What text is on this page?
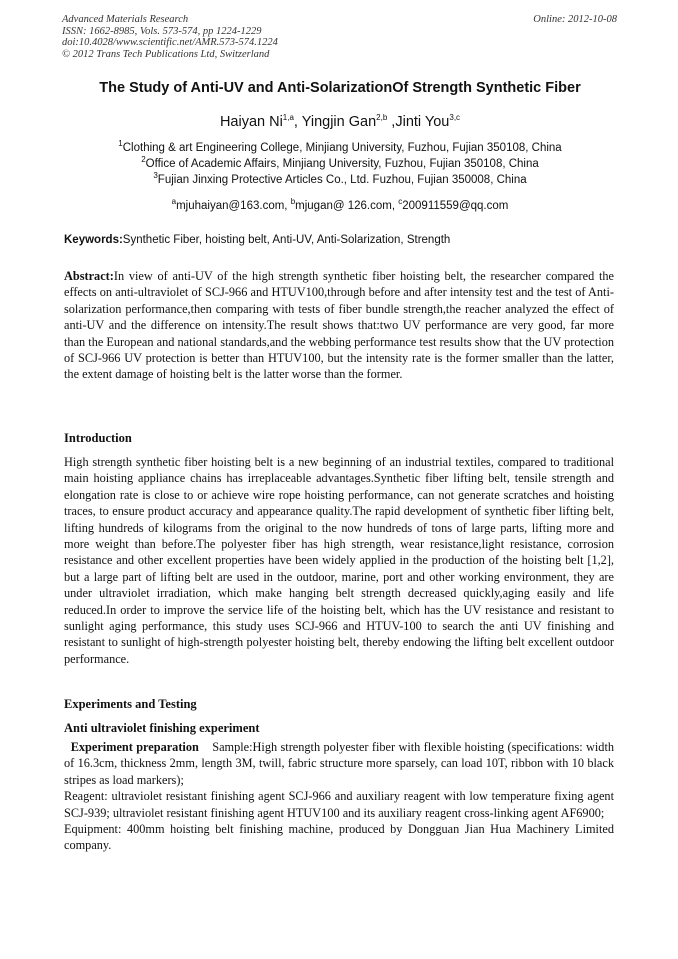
Advanced Materials Research
ISSN: 1662-8985, Vols. 573-574, pp 1224-1229
doi:10.4028/www.scientific.net/AMR.573-574.1224
© 2012 Trans Tech Publications Ltd, Switzerland
Online: 2012-10-08
The Study of Anti-UV and Anti-SolarizationOf Strength Synthetic Fiber
Haiyan Ni$^{1,a}$, Yingjin Gan$^{2,b}$ ,Jinti You$^{3,c}$
$^1$Clothing & art Engineering College, Minjiang University, Fuzhou, Fujian 350108, China
$^2$Office of Academic Affairs, Minjiang University, Fuzhou, Fujian 350108, China
$^3$Fujian Jinxing Protective Articles Co., Ltd. Fuzhou, Fujian 350008, China
$^a$mjuhaiyan@163.com, $^b$mjugan@ 126.com, $^c$200911559@qq.com
Keywords:Synthetic Fiber, hoisting belt, Anti-UV, Anti-Solarization, Strength
Abstract:In view of anti-UV of the high strength synthetic fiber hoisting belt, the researcher compared the effects on anti-ultraviolet of SCJ-966 and HTUV100,through before and after intensity test and the test of Anti-solarization performance,then comparing with tests of fiber bundle strength,the reacher analyzed the effect of anti-UV and the difference on intensity.The result shows that:two UV performance are very good, far more than the European and national standards,and the webbing performance test results show that the UV protection of SCJ-966 UV protection is better than HTUV100, but the intensity rate is the former smaller than the latter, the extent damage of hoisting belt is the latter worse than the former.
Introduction
High strength synthetic fiber hoisting belt is a new beginning of an industrial textiles, compared to traditional main hoisting appliance chains has irreplaceable advantages.Synthetic fiber lifting belt, tensile strength and elongation rate is close to or achieve wire rope hoisting performance, can not generate scratches and hoisting traces, to ensure product accuracy and appearance quality.The rapid development of synthetic fiber lifting belt, lifting hundreds of kilograms from the original to the now hundreds of tons of large parts, lifting more and more weight than before.The polyester fiber has high strength, wear resistance,light resistance, corrosion resistance and other excellent properties have been widely applied in the production of the hoisting belt [1,2], but a large part of lifting belt are used in the outdoor, marine, port and other working environment, they are under ultraviolet irradiation, which make hanging belt strength decreased quickly,aging easily and life reduced.In order to improve the service life of the hoisting belt, which has the UV resistance and resistant to sunlight aging performance, this study uses SCJ-966 and HTUV-100 to search the anti UV finishing and resistant to sunlight of high-strength polyester hoisting belt, thereby endowing the lifting belt excellent outdoor performance.
Experiments and Testing
Anti ultraviolet finishing experiment

Experiment preparation Sample:High strength polyester fiber with flexible hoisting (specifications: width of 16.3cm, thickness 2mm, length 3M, twill, fabric structure more sparsely, can load 10T, ribbon with 10 black stripes as load markers);

Reagent: ultraviolet resistant finishing agent SCJ-966 and auxiliary reagent with low temperature fixing agent SCJ-939; ultraviolet resistant finishing agent HTUV100 and its auxiliary reagent cross-linking agent AF6900;

Equipment: 400mm hoisting belt finishing machine, produced by Dongguan Jian Hua Machinery Limited company.
